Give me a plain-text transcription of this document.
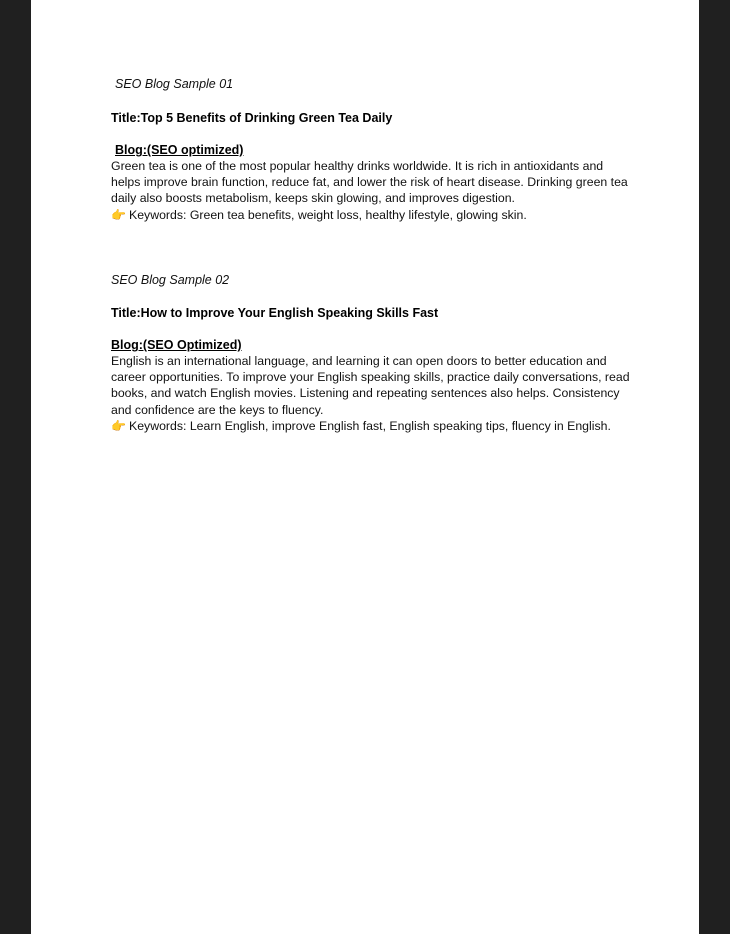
SEO Blog Sample 01

Title:Top 5 Benefits of Drinking Green Tea Daily

Blog:(SEO optimized)

Green tea is one of the most popular healthy drinks worldwide. It is rich in antioxidants and helps improve brain function, reduce fat, and lower the risk of heart disease. Drinking green tea daily also boosts metabolism, keeps skin glowing, and improves digestion.

👉 Keywords: Green tea benefits, weight loss, healthy lifestyle, glowing skin.

SEO Blog Sample 02

Title:How to Improve Your English Speaking Skills Fast

Blog:(SEO Optimized)

English is an international language, and learning it can open doors to better education and career opportunities. To improve your English speaking skills, practice daily conversations, read books, and watch English movies. Listening and repeating sentences also helps. Consistency and confidence are the keys to fluency.

👉 Keywords: Learn English, improve English fast, English speaking tips, fluency in English.
